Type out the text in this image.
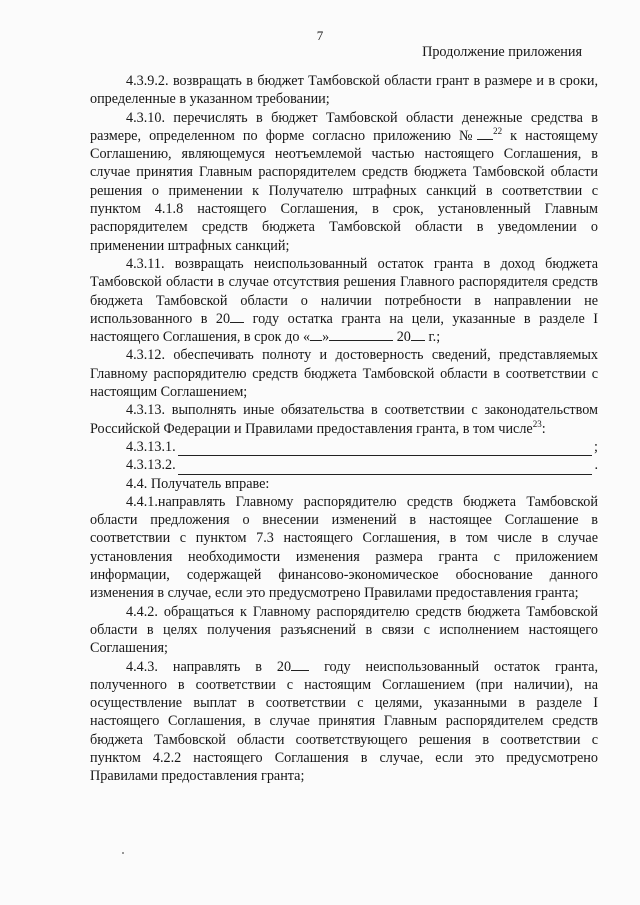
7
Продолжение приложения

4.3.9.2. возвращать в бюджет Тамбовской области грант в размере и в сроки, определенные в указанном требовании;

4.3.10. перечислять в бюджет Тамбовской области денежные средства в размере, определенном по форме согласно приложению № $^{22}$ к настоящему Соглашению, являющемуся неотъемлемой частью настоящего Соглашения, в случае принятия Главным распорядителем средств бюджета Тамбовской области решения о применении к Получателю штрафных санкций в соответствии с пунктом 4.1.8 настоящего Соглашения, в срок, установленный Главным распорядителем средств бюджета Тамбовской области в уведомлении о применении штрафных санкций;

4.3.11. возвращать неиспользованный остаток гранта в доход бюджета Тамбовской области в случае отсутствия решения Главного распорядителя средств бюджета Тамбовской области о наличии потребности в направлении не использованного в 20 году остатка гранта на цели, указанные в разделе I настоящего Соглашения, в срок до « »	20 г.;

4.3.12. обеспечивать полноту и достоверность сведений, представляемых Главному распорядителю средств бюджета Тамбовской области в соответствии с настоящим Соглашением;

4.3.13. выполнять иные обязательства в соответствии с законодательством Российской Федерации и Правилами предоставления гранта, в том числе$^{23}$:

4.3.13.1.	;
4.3.13.2.	.

4.4. Получатель вправе:

4.4.1.направлять Главному распорядителю средств бюджета Тамбовской области предложения о внесении изменений в настоящее Соглашение в соответствии с пунктом 7.3 настоящего Соглашения, в том числе в случае установления необходимости изменения размера гранта с приложением информации, содержащей финансово-экономическое обоснование данного изменения в случае, если это предусмотрено Правилами предоставления гранта;

4.4.2. обращаться к Главному распорядителю средств бюджета Тамбовской области в целях получения разъяснений в связи с исполнением настоящего Соглашения;

4.4.3. направлять в 20 году неиспользованный остаток гранта, полученного в соответствии с настоящим Соглашением (при наличии), на осуществление выплат в соответствии с целями, указанными в разделе I настоящего Соглашения, в случае принятия Главным распорядителем средств бюджета Тамбовской области соответствующего решения в соответствии с пунктом 4.2.2 настоящего Соглашения в случае, если это предусмотрено Правилами предоставления гранта;
